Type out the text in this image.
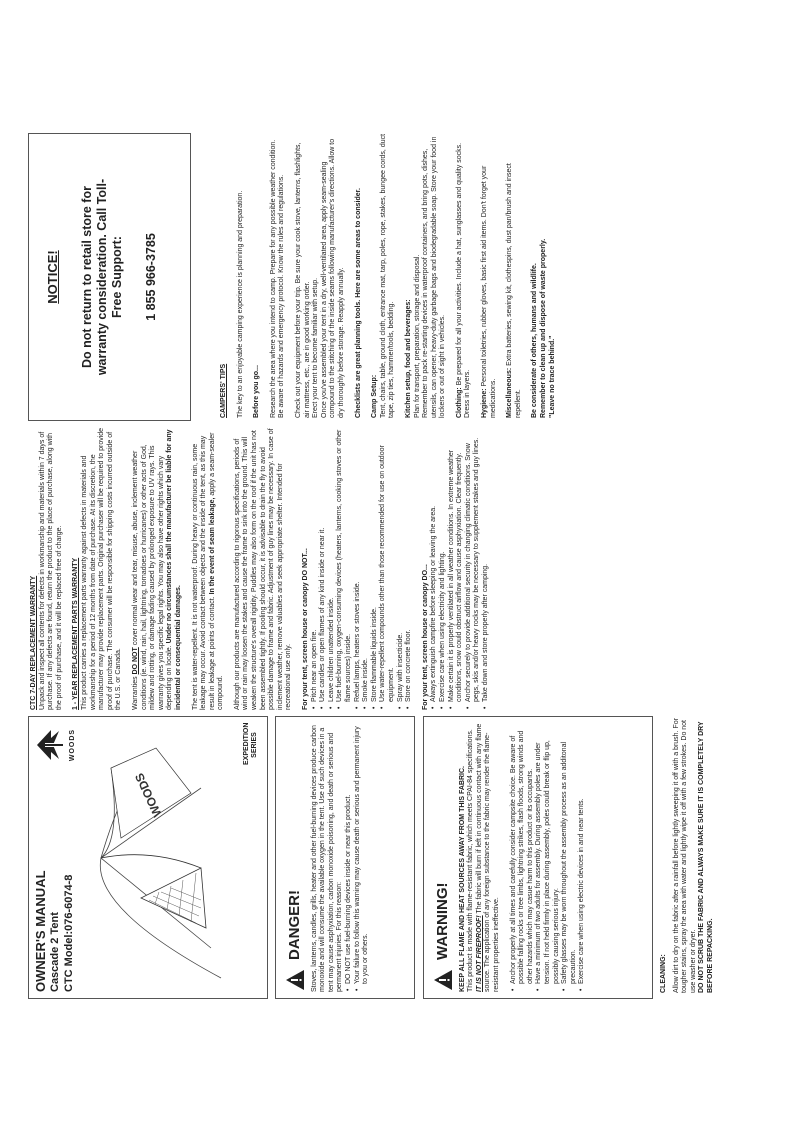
OWNER'S MANUAL Cascade 2 Tent CTC Model:076-6074-8
WOODS
WOODS
EXPEDITION SERIES
DANGER! Stoves, lanterns, candles, grills, heater and other fuel-burning devices produce carbon monoxide and will consume the available oxygen in the tent. Use of such devices in a tent may cause asphyxiation, carbon monoxide poisoning, and death or serious and permanent injuries. For this reason: • DO NOT use fuel-burning devices inside or near this product. • Your failure to follow this warning may cause death or serious and permanent injury to you or others.	WARNING! KEEP ALL FLAME AND HEAT SOURCES AWAY FROM THIS FABRIC. This product is made with flame-resistant fabric, which meets CPAI-84 specifications. IT IS NOT FIREPROOF! The fabric will burn if left in continuous contact with any flame source. The application of any foreign substance to the fabric may render the flame-resistant properties ineffective. • Anchor properly at all times and carefully consider campsite choice. Be aware of possible falling rocks or tree limbs, lightning strikes, flash floods, strong winds and other hazards which may casue harm to this product or its occupants. • Have a minimum of two adults for assembly. During assembly poles are under tension. If not held firmly in place during assembly, poles could break or flip up, possibly causing serious injury. • Safety glasses may be worn throughout the assembly process as an additonal precaution. • Exercise care when using electric devices in and near tents.	CLEANING: Allow dirt to dry on the fabric after a rainfall before lightly sweeping it off with a brush. For tougher stains, spray the area with water and lightly wipe it off with a few strokes. Do not use washer or dryer. DO NOT SCRUB THE FABRIC AND ALWAYS MAKE SURE IT IS COMPLETELY DRY BEFORE REPACKING.
CTC 7-DAY REPLACEMENT WARRANTY Unpack and inspect all contents for defects in workmanship and materials within 7 days of purchase. If any defects are found, return the product to the place of purchase, along with the proof of purchase, and it will be replaced free of charge. 1 - YEAR REPLACEMENT PARTS WARRANTY This product carries a replacement parts warranty against defects in materials and workmanship for a period of 12 months from date of purchase. At its discretion, the manufacturer may provide replacement parts. Original purchaser will be required to provide proof of purchase. The consumer will be responsible for shipping costs incurred outside of the U.S. or Canada. Warranties DO NOT cover normal wear and tear, misuse, abuse, inclement weather conditions (ie. wind, rain, hail, lightning, tornadoes or hurricanes) or other acts of God, mildew and rotting, or damage fading caused by prolonged exposure to UV rays. This warranty gives you specific legal rights. You may also have other rights which vary depending on locale. Under no circumstances shall the manufacturer be liable for any incidental or consequential damages. The tent is water-repellent. It is not waterproof. During heavy or continuous rain, some leakage may occur. Avoid contact between objects and the inside of the tent, as this may result in leakage at points of contact. In the event of seam leakage, apply a seam-sealer compound. Although our products are manufactured according to rigorous specifications, periods of wind or rain may loosen the stakes and cause the frame to sink into the ground. This will weaken the structure's overall rigidity. Puddles may also form on the roof if the unit has not been assembled tightly. If pooling should occur, it is advisable to drain the fly to avoid possible damage to frame and fabric. Adjustment of guy lines may be necessary. In case of inclement weather, remove valuables and seek appropriate shelter. Intended for recreational use only. For your tent, screen house or canopy DO NOT... • Pitch near an open fire. • Use candles or open flames of any kind inside or near it. • Leave children unattended inside. • Use fuel-burning, oxygen-consuming devices (heaters, lanterns, cooking stoves or other flame sources) inside. • Refuel lamps, heaters or stoves inside. • Smoke inside. • Store flammable liquids inside. • Use water-repellent compounds other than those recommended for use on outdoor equipment. • Spray with insecticide. • Store on concrete floor. For your tent, screen house or canopy DO... • Always extinguish campfire before sleeping or leaving the area. • Exercise care when using electricity and lighting. • Make certain it is properly ventilated in all weather conditions. In extreme weather conditions, snow could obstruct airflow and cause asphyxiation. Clear frequently. • Anchor securely to provide additional security in changing climatic conditions. Snow pegs, skis and/or heavy rocks may be necessary to supplement stakes and guy lines. • Take down and store properly after camping.
NOTICE! Do not return to retail store for warranty consideration. Call Toll-Free Support: 1 855 966-3785

CAMPERS' TIPS The key to an enjoyable camping experience is planning and preparation. Before you go... Research the area where you intend to camp. Prepare for any possible weather condition. Be aware of hazards and emergency protocol. Know the rules and regulations. Check out your equipment before your trip. Be sure your cook stove, lanterns, flashlights, air mattress, etc., are in good working order. Erect your tent to become familiar with setup. Once you've assembled your tent in a dry, well-ventilated area, apply seam-sealing compound to the stitching of the inside seams following manufacturer's directions. Allow to dry thoroughly before storage. Reapply annually. Checklists are great planning tools. Here are some areas to consider. Camp Setup: Tent, chairs, table, ground cloth, entrance mat, tarp, poles, rope, stakes, bungee cords, duct tape, zip ties, hammer/tools, bedding. Kitchen setup, food and beverages: Plan for transport, preparation, storage and disposal. Remember to pack re-starting devices in waterproof containers, and bring pots, dishes, utensils, can opener, heavy-duty garbage bags and biodegradable soap. Store your food in lockers or out of sight in vehicles. Clothing: Be prepared for all your activities. Include a hat, sunglasses and quality socks. Dress in layers. Hygiene: Personal toiletries, rubber gloves, basic first aid items. Don't forget your medications. Miscellaneous: Extra batteries, sewing kit, clothespins, dust pan/brush and insect repellent. Be considerate of others, humans and wildlife. Remember to clean up and dispose of waste properly. "Leave no trace behind."
